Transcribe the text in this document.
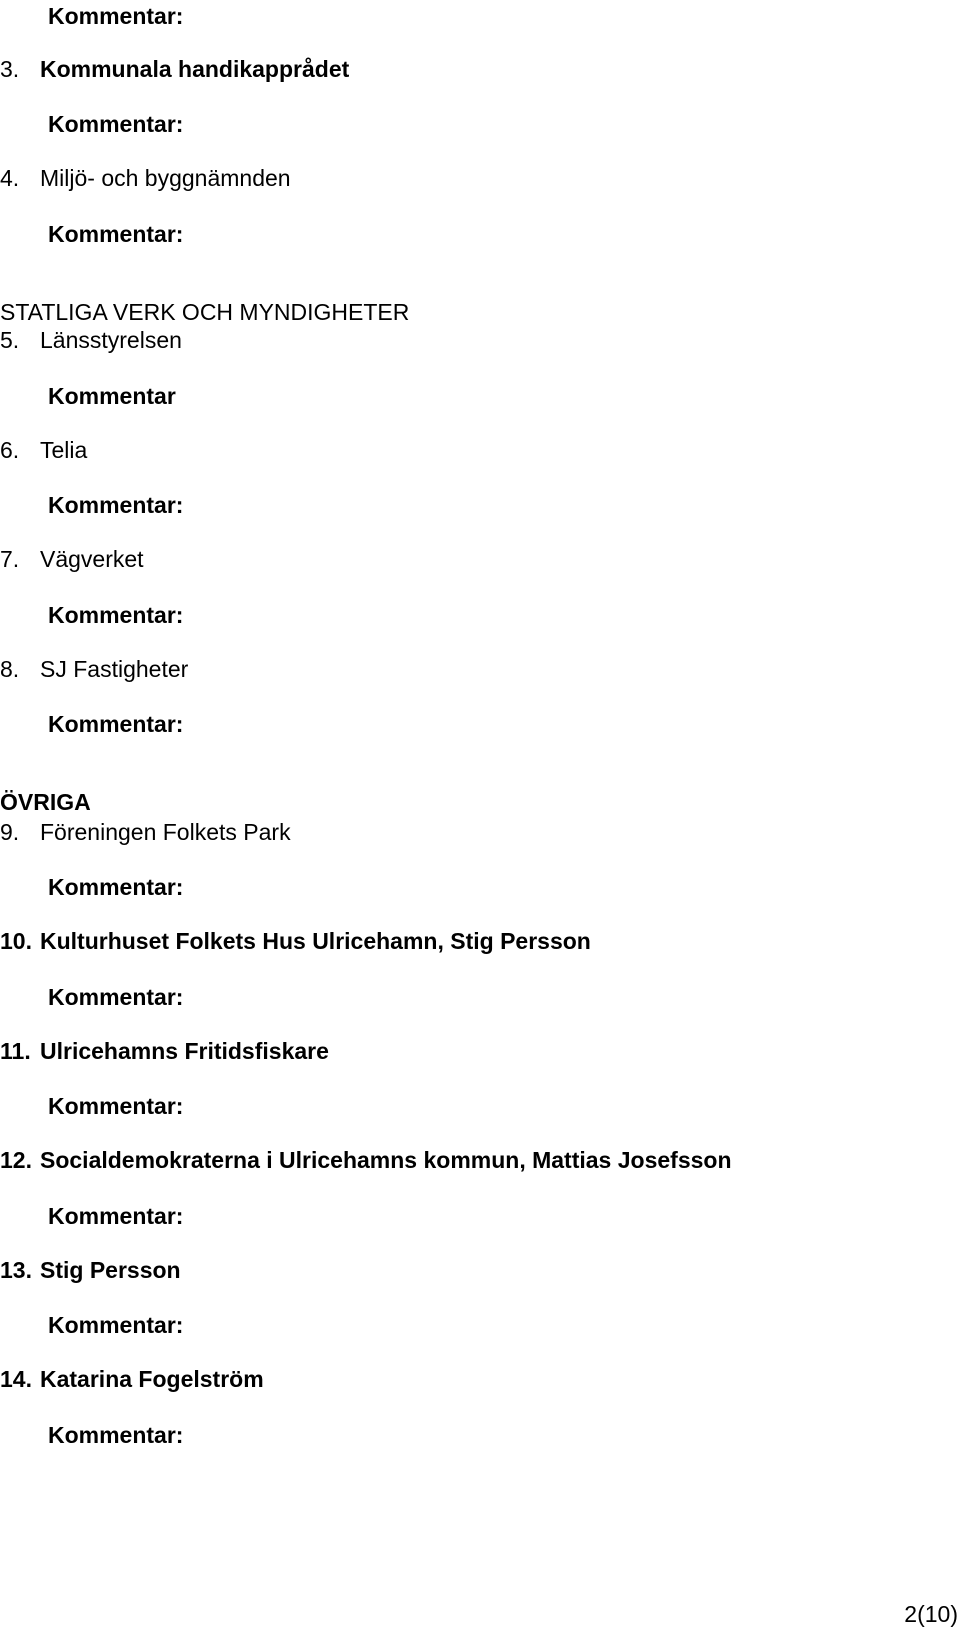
Kommentar:
3. Kommunala handikapprådet
Kommentar:
4. Miljö- och byggnämnden
Kommentar:
STATLIGA VERK OCH MYNDIGHETER
5. Länsstyrelsen
Kommentar
6. Telia
Kommentar:
7. Vägverket
Kommentar:
8. SJ Fastigheter
Kommentar:
ÖVRIGA
9. Föreningen Folkets Park
Kommentar:
10. Kulturhuset Folkets Hus Ulricehamn, Stig Persson
Kommentar:
11. Ulricehamns Fritidsfiskare
Kommentar:
12. Socialdemokraterna i Ulricehamns kommun, Mattias Josefsson
Kommentar:
13. Stig Persson
Kommentar:
14. Katarina Fogelström
Kommentar:
2(10)
